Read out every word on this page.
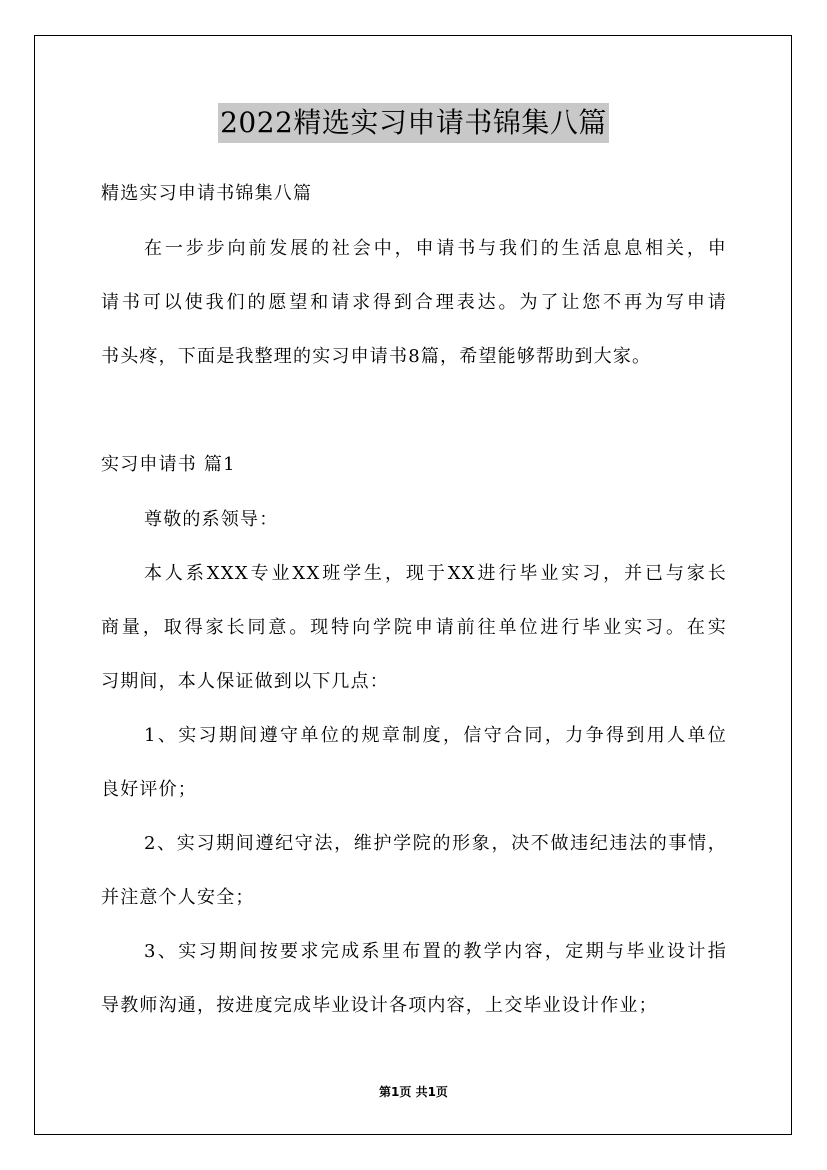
2022精选实习申请书锦集八篇
精选实习申请书锦集八篇
在一步步向前发展的社会中，申请书与我们的生活息息相关，申
请书可以使我们的愿望和请求得到合理表达。为了让您不再为写申请
书头疼，下面是我整理的实习申请书8篇，希望能够帮助到大家。
实习申请书 篇1
尊敬的系领导：
本人系XXX专业XX班学生，现于XX进行毕业实习，并已与家长
商量，取得家长同意。现特向学院申请前往单位进行毕业实习。在实
习期间，本人保证做到以下几点：
1、实习期间遵守单位的规章制度，信守合同，力争得到用人单位
良好评价；
2、实习期间遵纪守法，维护学院的形象，决不做违纪违法的事情，
并注意个人安全；
3、实习期间按要求完成系里布置的教学内容，定期与毕业设计指
导教师沟通，按进度完成毕业设计各项内容，上交毕业设计作业；
第1页 共1页
